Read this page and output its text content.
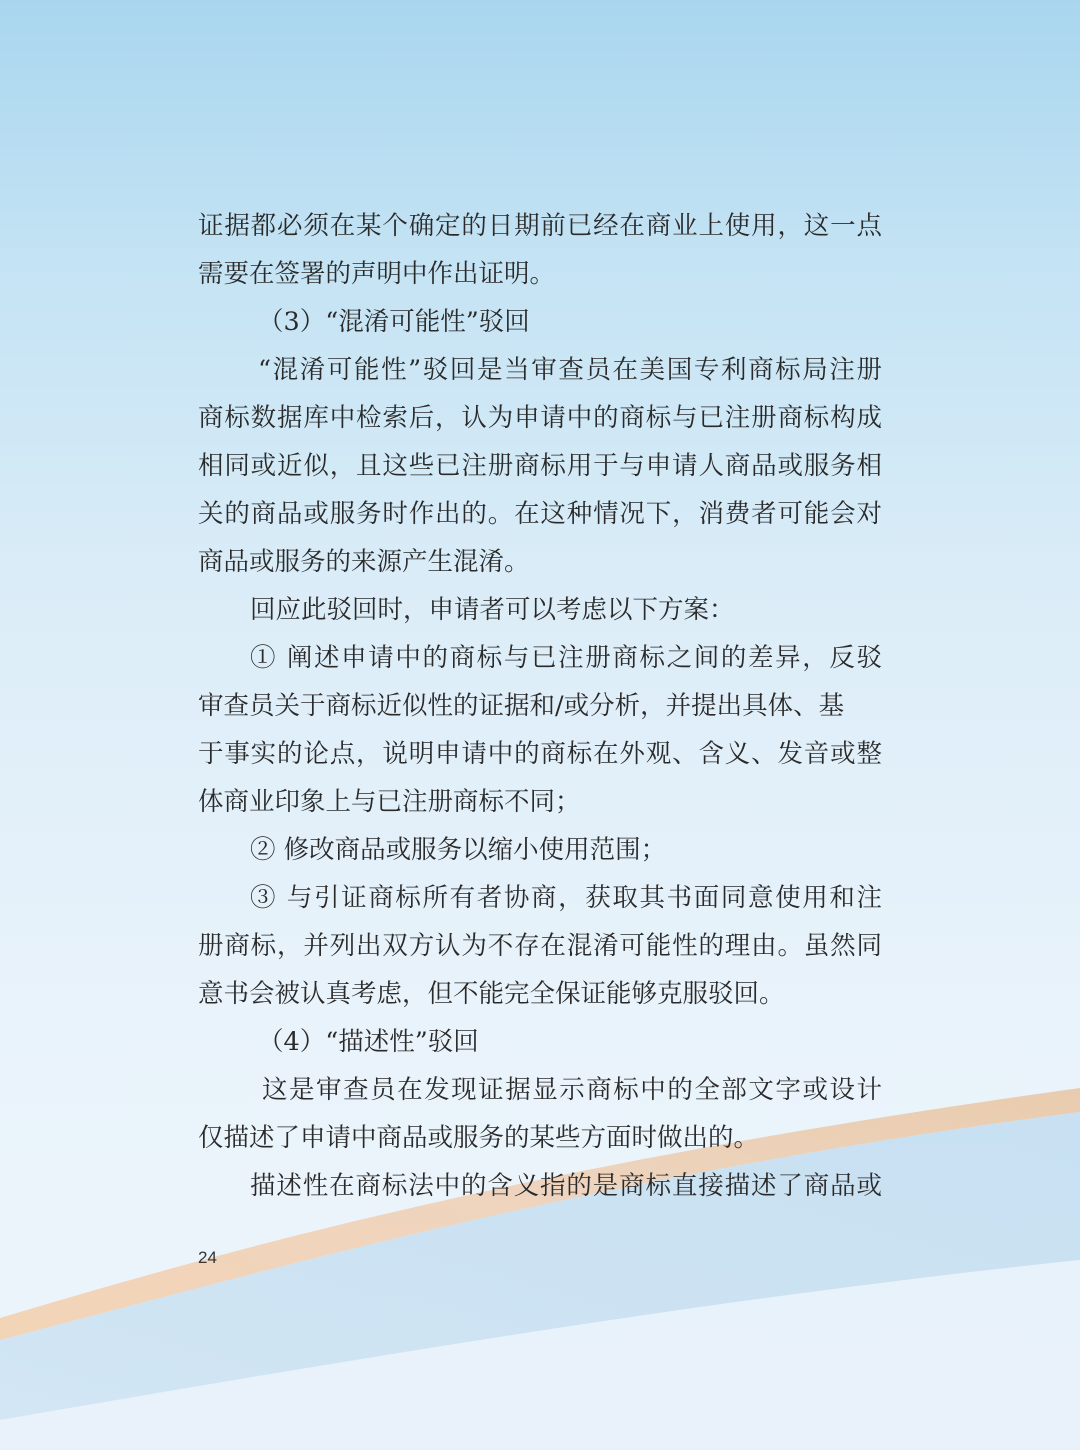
证据都必须在某个确定的日期前已经在商业上使用，这一点
需要在签署的声明中作出证明。
（3）“混淆可能性”驳回
“混淆可能性”驳回是当审查员在美国专利商标局注册
商标数据库中检索后，认为申请中的商标与已注册商标构成
相同或近似，且这些已注册商标用于与申请人商品或服务相
关的商品或服务时作出的。在这种情况下，消费者可能会对
商品或服务的来源产生混淆。
回应此驳回时，申请者可以考虑以下方案：
① 阐述申请中的商标与已注册商标之间的差异，反驳
审查员关于商标近似性的证据和/或分析，并提出具体、基
于事实的论点，说明申请中的商标在外观、含义、发音或整
体商业印象上与已注册商标不同；
② 修改商品或服务以缩小使用范围；
③ 与引证商标所有者协商，获取其书面同意使用和注
册商标，并列出双方认为不存在混淆可能性的理由。虽然同
意书会被认真考虑，但不能完全保证能够克服驳回。
（4）“描述性”驳回
这是审查员在发现证据显示商标中的全部文字或设计
仅描述了申请中商品或服务的某些方面时做出的。
描述性在商标法中的含义指的是商标直接描述了商品或
24
